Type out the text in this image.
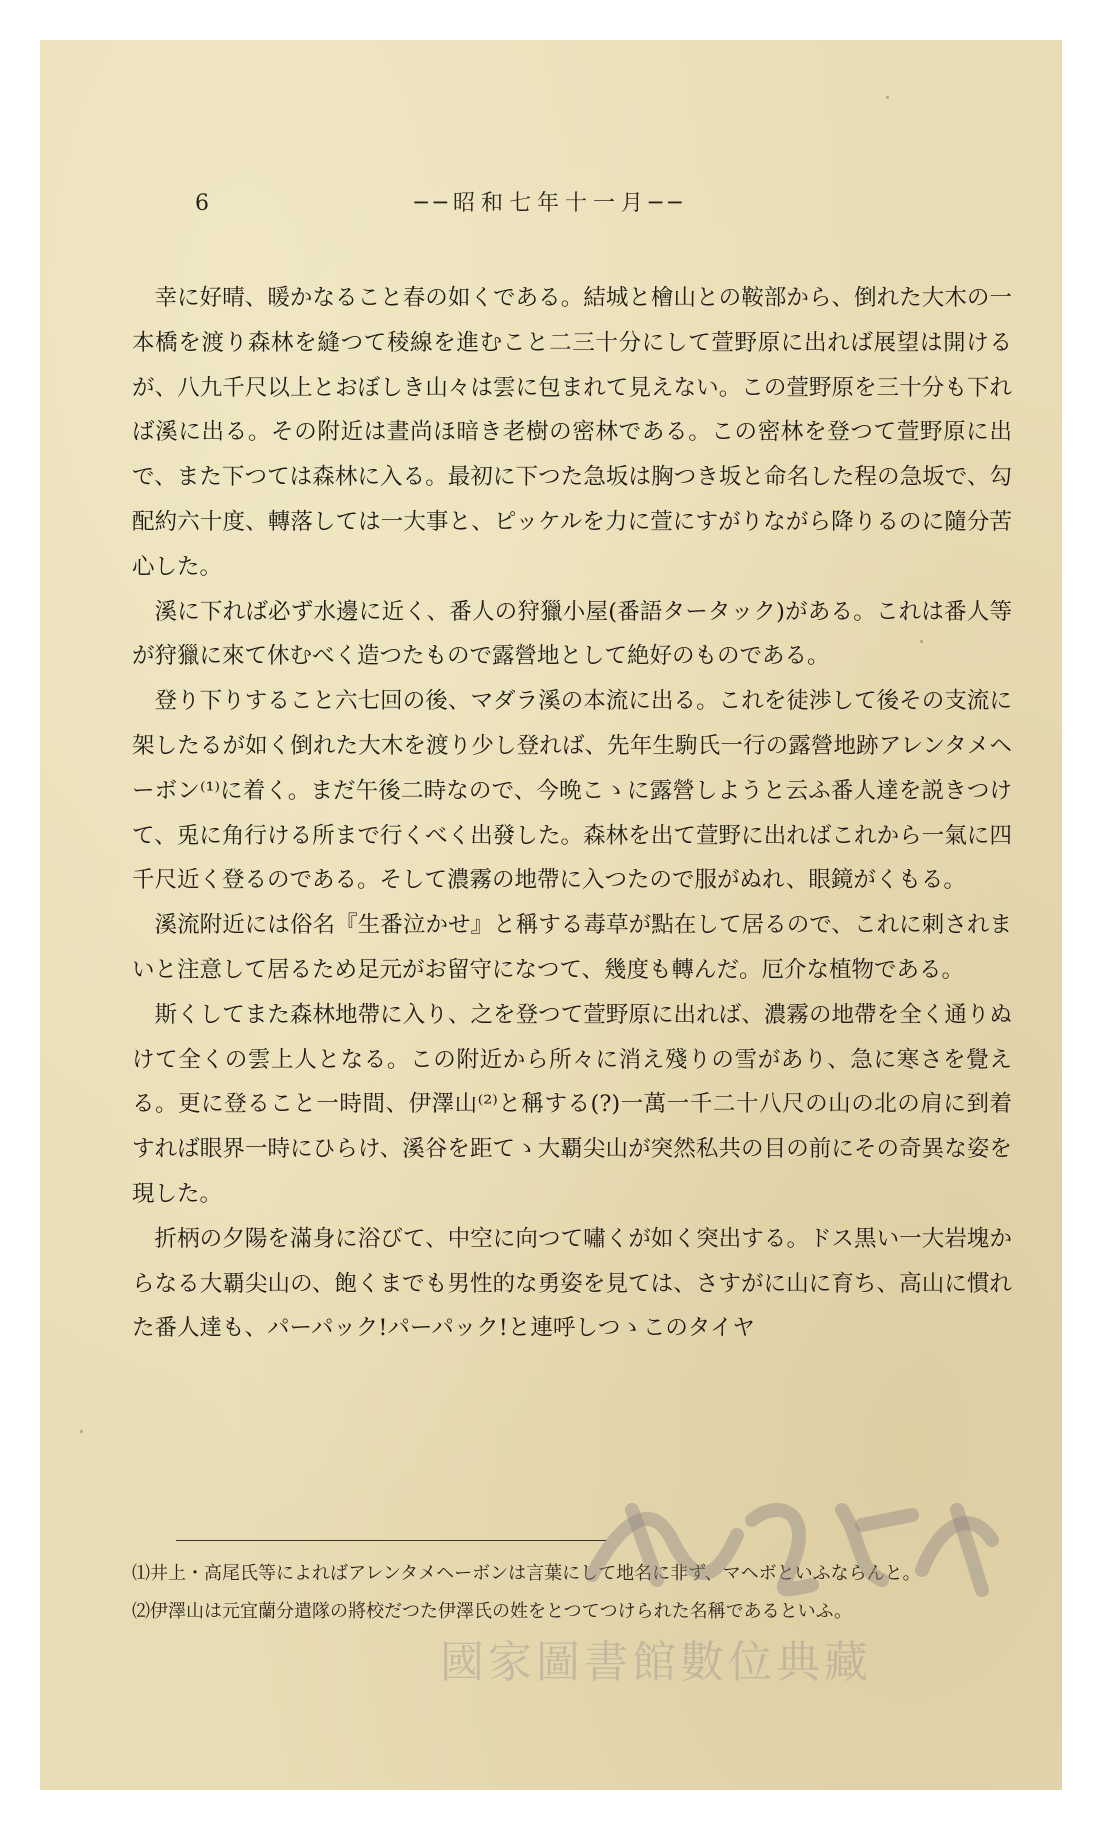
6	──昭和七年十一月──

幸に好晴、暖かなること春の如くである。結城と檜山との鞍部から、倒れた大木の一本橋を渡り森林を縫つて稜線を進むこと二三十分にして萱野原に出れば展望は開けるが、八九千尺以上とおぼしき山々は雲に包まれて見えない。この萱野原を三十分も下れば溪に出る。その附近は晝尚ほ暗き老樹の密林である。この密林を登つて萱野原に出で、また下つては森林に入る。最初に下つた急坂は胸つき坂と命名した程の急坂で、勾配約六十度、轉落しては一大事と、ピッケルを力に萱にすがりながら降りるのに隨分苦心した。

溪に下れば必ず水邊に近く、番人の狩獵小屋(番語タータック)がある。これは番人等が狩獵に來て休むべく造つたもので露營地として絶好のものである。

登り下りすること六七回の後、マダラ溪の本流に出る。これを徒渉して後その支流に架したるが如く倒れた大木を渡り少し登れば、先年生駒氏一行の露營地跡アレンタメヘーボン⁽¹⁾に着く。まだ午後二時なので、今晩こゝに露營しようと云ふ番人達を説きつけて、兎に角行ける所まで行くべく出發した。森林を出て萱野に出ればこれから一氣に四千尺近く登るのである。そして濃霧の地帶に入つたので服がぬれ、眼鏡がくもる。

溪流附近には俗名『生番泣かせ』と稱する毒草が點在して居るので、これに刺されまいと注意して居るため足元がお留守になつて、幾度も轉んだ。厄介な植物である。

斯くしてまた森林地帶に入り、之を登つて萱野原に出れば、濃霧の地帶を全く通りぬけて全くの雲上人となる。この附近から所々に消え殘りの雪があり、急に寒さを覺える。更に登ること一時間、伊澤山⁽²⁾と稱する(?)一萬一千二十八尺の山の北の肩に到着すれば眼界一時にひらけ、溪谷を距てゝ大覇尖山が突然私共の目の前にその奇異な姿を現した。

折柄の夕陽を滿身に浴びて、中空に向つて嘯くが如く突出する。ドス黒い一大岩塊からなる大覇尖山の、飽くまでも男性的な勇姿を見ては、さすがに山に育ち、高山に慣れた番人達も、パーパック!パーパック!と連呼しつゝこのタイヤ

⑴井上・高尾氏等によればアレンタメヘーボンは言葉にして地名に非ず、マヘボといふならんと。

⑵伊澤山は元宜蘭分遣隊の將校だつた伊澤氏の姓をとつてつけられた名稱であるといふ。

國家圖書館數位典藏
